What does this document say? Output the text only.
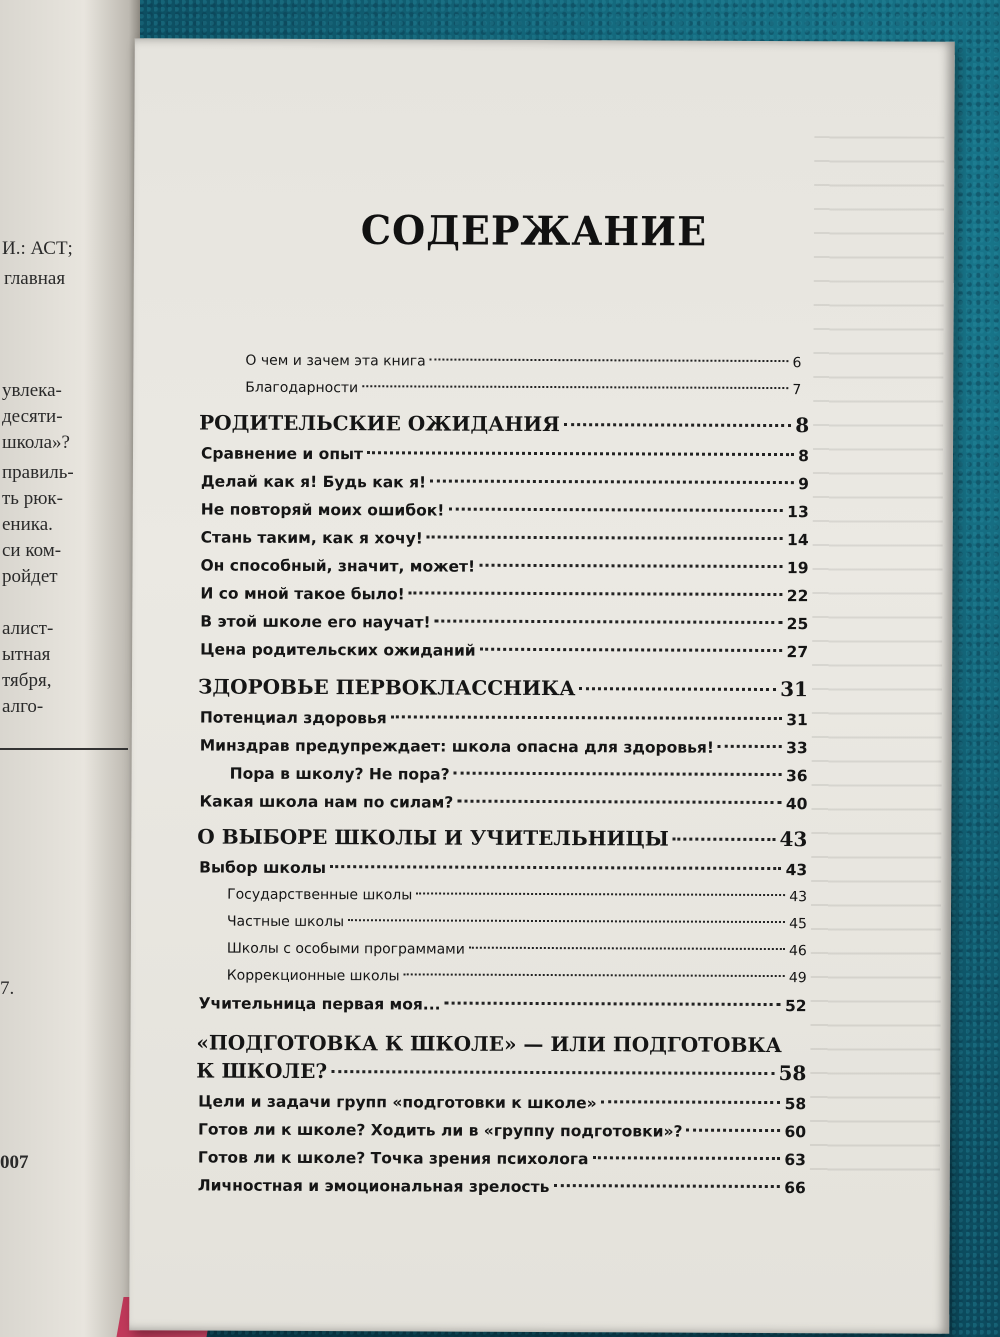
И.: АСТ;
главная
увлека-
десяти-
школа»?
правиль-
ть рюк-
еника.
си ком-
ройдет
алист-
ытная
тября,
алго-
7.
007
СОДЕРЖАНИЕ
О чем и зачем эта книга	6
Благодарности	7
РОДИТЕЛЬСКИЕ ОЖИДАНИЯ	8
Сравнение и опыт	8
Делай как я! Будь как я!	9
Не повторяй моих ошибок!	13
Стань таким, как я хочу!	14
Он способный, значит, может!	19
И со мной такое было!	22
В этой школе его научат!	25
Цена родительских ожиданий	27
ЗДОРОВЬЕ ПЕРВОКЛАССНИКА	31
Потенциал здоровья	31
Минздрав предупреждает: школа опасна для здоровья!	33
Пора в школу? Не пора?	36
Какая школа нам по силам?	40
О ВЫБОРЕ ШКОЛЫ И УЧИТЕЛЬНИЦЫ	43
Выбор школы	43
Государственные школы	43
Частные школы	45
Школы с особыми программами	46
Коррекционные школы	49
Учительница первая моя...	52
«ПОДГОТОВКА К ШКОЛЕ» — ИЛИ ПОДГОТОВКА
К ШКОЛЕ?	58
Цели и задачи групп «подготовки к школе»	58
Готов ли к школе? Ходить ли в «группу подготовки»?	60
Готов ли к школе? Точка зрения психолога	63
Личностная и эмоциональная зрелость	66
